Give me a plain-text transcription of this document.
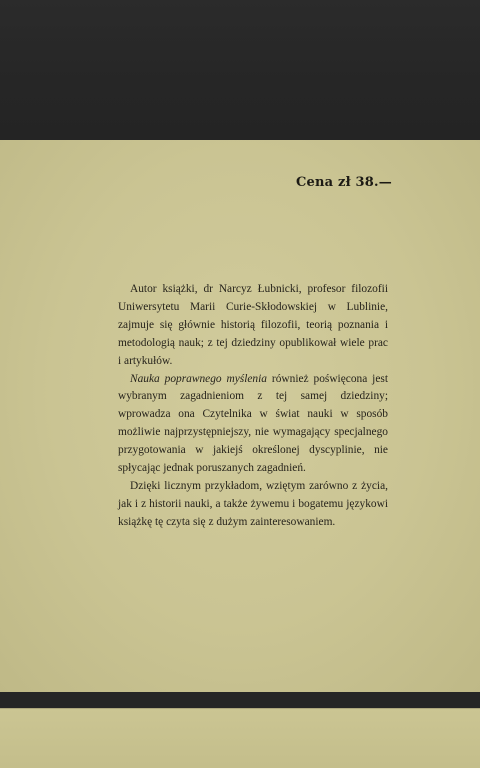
Cena zł 38.—

Autor książki, dr Narcyz Łubnicki, profesor filozofii Uniwersytetu Marii Curie-Skłodowskiej w Lublinie, zajmuje się głównie historią filozofii, teorią poznania i metodologią nauk; z tej dziedziny opublikował wiele prac i artykułów.

Nauka poprawnego myślenia również poświęcona jest wybranym zagadnieniom z tej samej dziedziny; wprowadza ona Czytelnika w świat nauki w sposób możliwie najprzystępniejszy, nie wymagający specjalnego przygotowania w jakiejś określonej dyscyplinie, nie spłycając jednak poruszanych zagadnień.

Dzięki licznym przykładom, wziętym zarówno z życia, jak i z historii nauki, a także żywemu i bogatemu językowi książkę tę czyta się z dużym zainteresowaniem.
